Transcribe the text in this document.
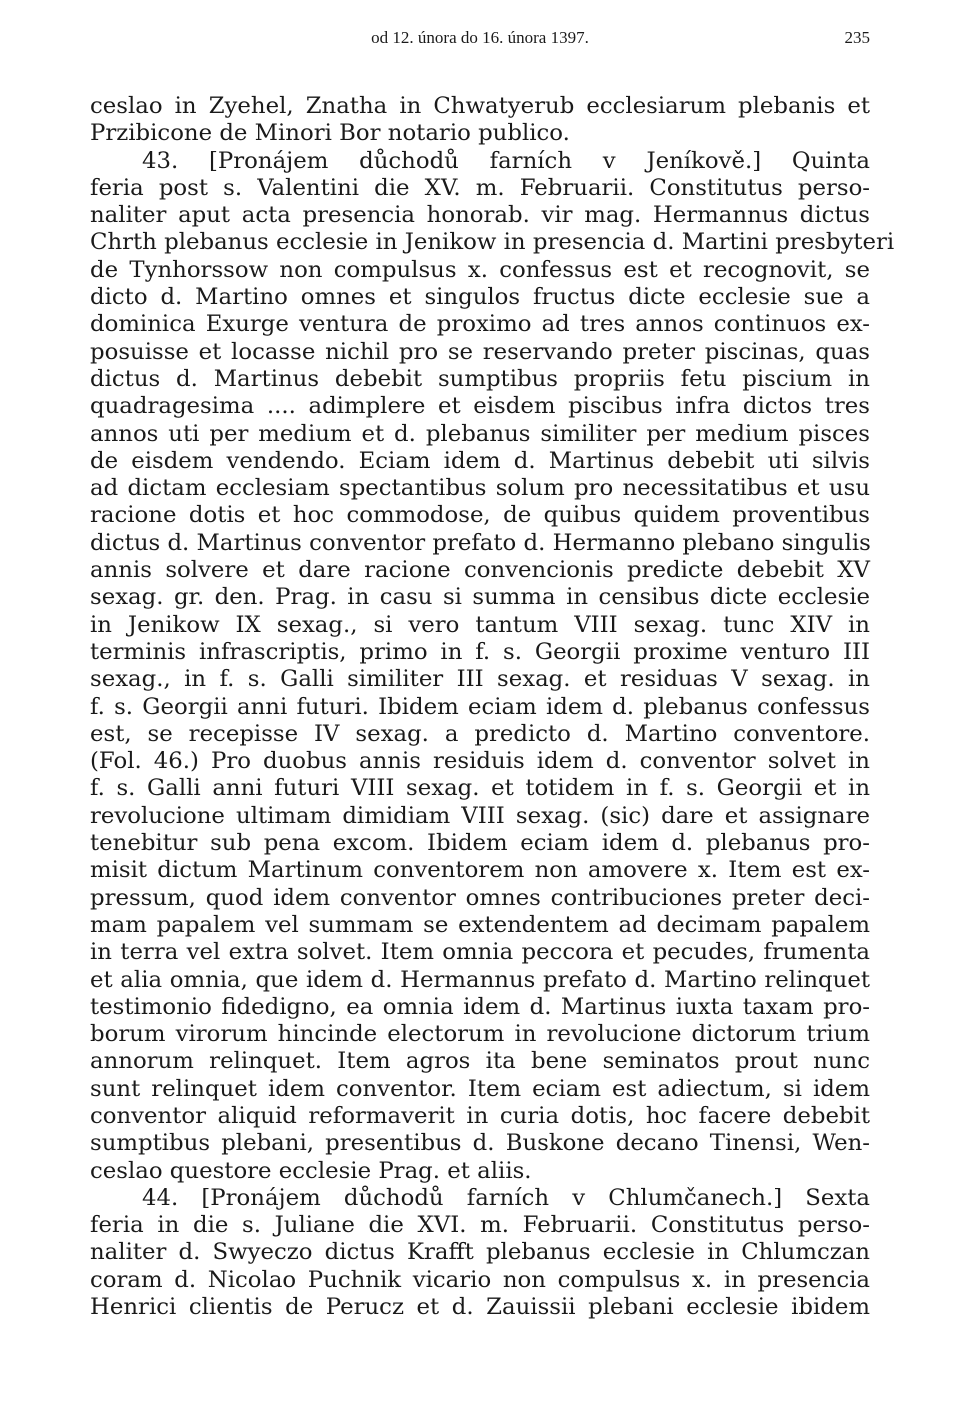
od 12. února do 16. února 1397.	235
ceslao in Zyehel, Znatha in Chwatyerub ecclesiarum plebanis et
Przibicone de Minori Bor notario publico.
43. [Pronájem důchodů farních v Jeníkově.] Quinta
feria post s. Valentini die XV. m. Februarii. Constitutus perso-
naliter aput acta presencia honorab. vir mag. Hermannus dictus
Chrth plebanus ecclesie in Jenikow in presencia d. Martini presbyteri
de Tynhorssow non compulsus x. confessus est et recognovit, se
dicto d. Martino omnes et singulos fructus dicte ecclesie sue a
dominica Exurge ventura de proximo ad tres annos continuos ex-
posuisse et locasse nichil pro se reservando preter piscinas, quas
dictus d. Martinus debebit sumptibus propriis fetu piscium in
quadragesima .... adimplere et eisdem piscibus infra dictos tres
annos uti per medium et d. plebanus similiter per medium pisces
de eisdem vendendo. Eciam idem d. Martinus debebit uti silvis
ad dictam ecclesiam spectantibus solum pro necessitatibus et usu
racione dotis et hoc commodose, de quibus quidem proventibus
dictus d. Martinus conventor prefato d. Hermanno plebano singulis
annis solvere et dare racione convencionis predicte debebit XV
sexag. gr. den. Prag. in casu si summa in censibus dicte ecclesie
in Jenikow IX sexag., si vero tantum VIII sexag. tunc XIV in
terminis infrascriptis, primo in f. s. Georgii proxime venturo III
sexag., in f. s. Galli similiter III sexag. et residuas V sexag. in
f. s. Georgii anni futuri. Ibidem eciam idem d. plebanus confessus
est, se recepisse IV sexag. a predicto d. Martino conventore.
(Fol. 46.) Pro duobus annis residuis idem d. conventor solvet in
f. s. Galli anni futuri VIII sexag. et totidem in f. s. Georgii et in
revolucione ultimam dimidiam VIII sexag. (sic) dare et assignare
tenebitur sub pena excom. Ibidem eciam idem d. plebanus pro-
misit dictum Martinum conventorem non amovere x. Item est ex-
pressum, quod idem conventor omnes contribuciones preter deci-
mam papalem vel summam se extendentem ad decimam papalem
in terra vel extra solvet. Item omnia peccora et pecudes, frumenta
et alia omnia, que idem d. Hermannus prefato d. Martino relinquet
testimonio fidedigno, ea omnia idem d. Martinus iuxta taxam pro-
borum virorum hincinde electorum in revolucione dictorum trium
annorum relinquet. Item agros ita bene seminatos prout nunc
sunt relinquet idem conventor. Item eciam est adiectum, si idem
conventor aliquid reformaverit in curia dotis, hoc facere debebit
sumptibus plebani, presentibus d. Buskone decano Tinensi, Wen-
ceslao questore ecclesie Prag. et aliis.
44. [Pronájem důchodů farních v Chlumčanech.] Sexta
feria in die s. Juliane die XVI. m. Februarii. Constitutus perso-
naliter d. Swyeczo dictus Krafft plebanus ecclesie in Chlumczan
coram d. Nicolao Puchnik vicario non compulsus x. in presencia
Henrici clientis de Perucz et d. Zauissii plebani ecclesie ibidem
